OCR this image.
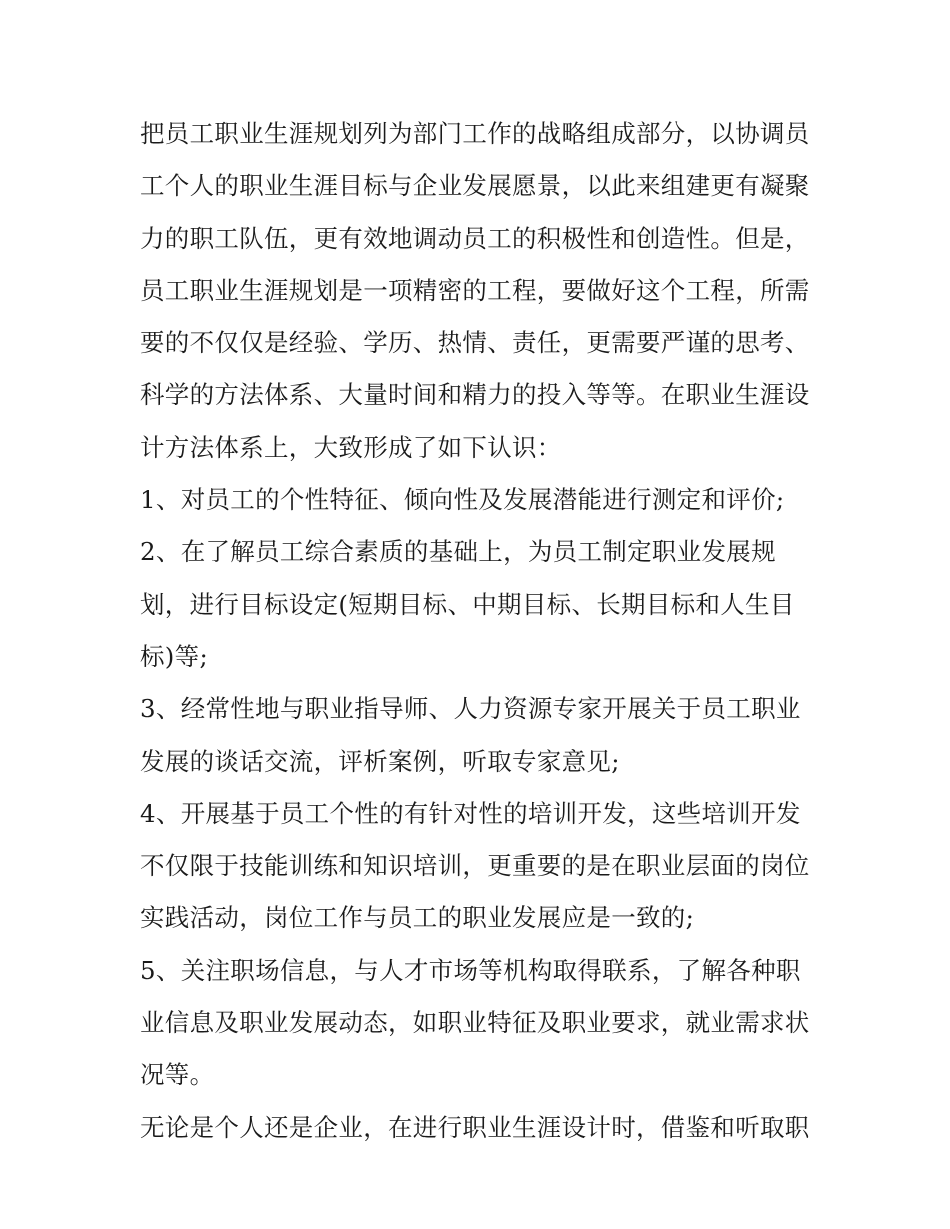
把员工职业生涯规划列为部门工作的战略组成部分，以协调员
工个人的职业生涯目标与企业发展愿景，以此来组建更有凝聚
力的职工队伍，更有效地调动员工的积极性和创造性。但是，
员工职业生涯规划是一项精密的工程，要做好这个工程，所需
要的不仅仅是经验、学历、热情、责任，更需要严谨的思考、
科学的方法体系、大量时间和精力的投入等等。在职业生涯设
计方法体系上，大致形成了如下认识：
1、对员工的个性特征、倾向性及发展潜能进行测定和评价;
2、在了解员工综合素质的基础上，为员工制定职业发展规
划，进行目标设定(短期目标、中期目标、长期目标和人生目
标)等;
3、经常性地与职业指导师、人力资源专家开展关于员工职业
发展的谈话交流，评析案例，听取专家意见;
4、开展基于员工个性的有针对性的培训开发，这些培训开发
不仅限于技能训练和知识培训，更重要的是在职业层面的岗位
实践活动，岗位工作与员工的职业发展应是一致的;
5、关注职场信息，与人才市场等机构取得联系，了解各种职
业信息及职业发展动态，如职业特征及职业要求，就业需求状
况等。
无论是个人还是企业，在进行职业生涯设计时，借鉴和听取职
